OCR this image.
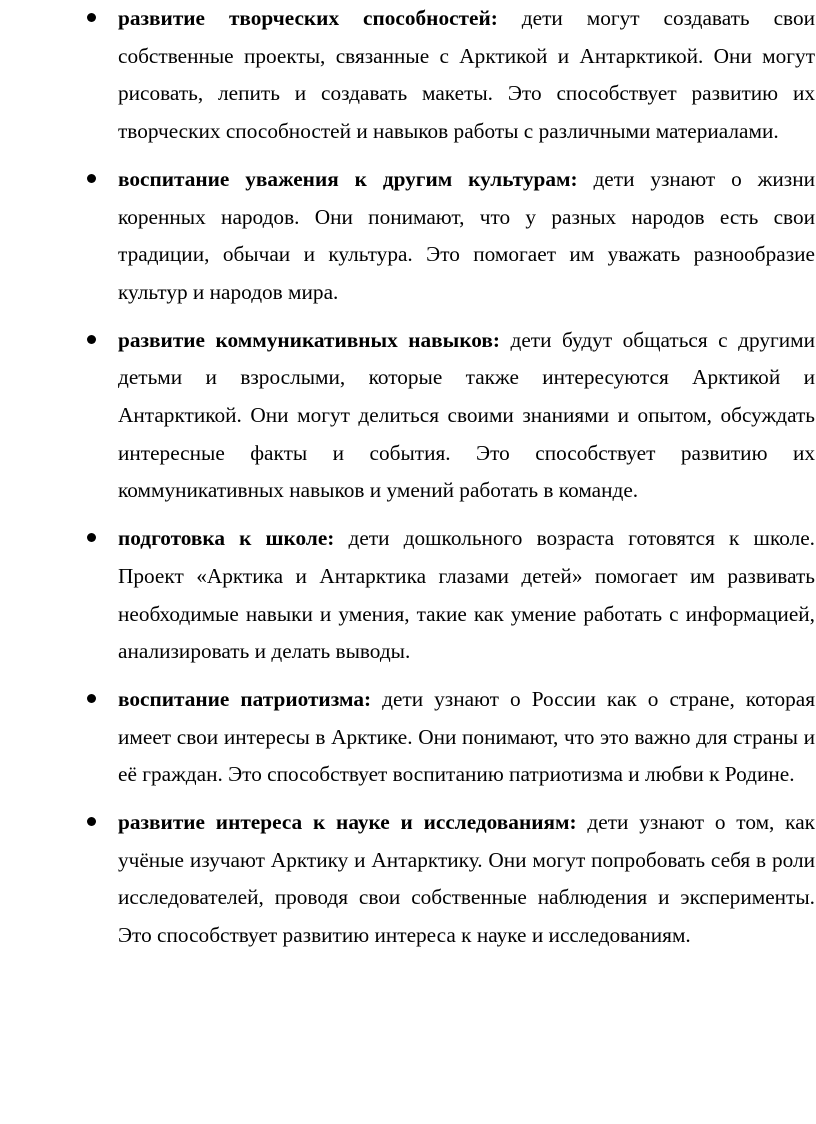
развитие творческих способностей: дети могут создавать свои собственные проекты, связанные с Арктикой и Антарктикой. Они могут рисовать, лепить и создавать макеты. Это способствует развитию их творческих способностей и навыков работы с различными материалами.
воспитание уважения к другим культурам: дети узнают о жизни коренных народов. Они понимают, что у разных народов есть свои традиции, обычаи и культура. Это помогает им уважать разнообразие культур и народов мира.
развитие коммуникативных навыков: дети будут общаться с другими детьми и взрослыми, которые также интересуются Арктикой и Антарктикой. Они могут делиться своими знаниями и опытом, обсуждать интересные факты и события. Это способствует развитию их коммуникативных навыков и умений работать в команде.
подготовка к школе: дети дошкольного возраста готовятся к школе. Проект «Арктика и Антарктика глазами детей» помогает им развивать необходимые навыки и умения, такие как умение работать с информацией, анализировать и делать выводы.
воспитание патриотизма: дети узнают о России как о стране, которая имеет свои интересы в Арктике. Они понимают, что это важно для страны и её граждан. Это способствует воспитанию патриотизма и любви к Родине.
развитие интереса к науке и исследованиям: дети узнают о том, как учёные изучают Арктику и Антарктику. Они могут попробовать себя в роли исследователей, проводя свои собственные наблюдения и эксперименты. Это способствует развитию интереса к науке и исследованиям.
